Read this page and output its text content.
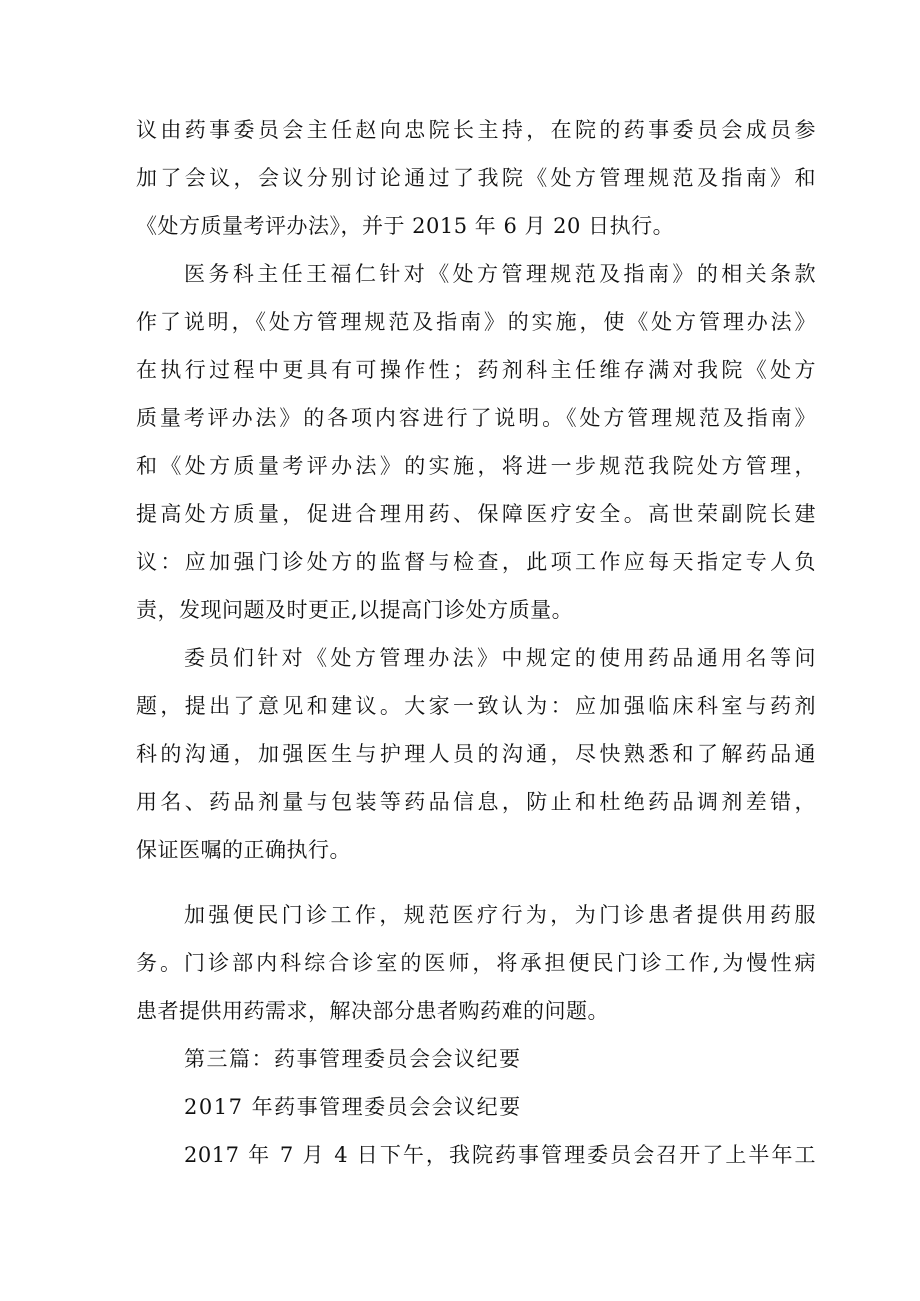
议由药事委员会主任赵向忠院长主持，在院的药事委员会成员参
加了会议，会议分别讨论通过了我院《处方管理规范及指南》和
《处方质量考评办法》，并于 2015 年 6 月 20 日执行。
医务科主任王福仁针对《处方管理规范及指南》的相关条款
作了说明，《处方管理规范及指南》的实施，使《处方管理办法》
在执行过程中更具有可操作性；药剂科主任维存满对我院《处方
质量考评办法》的各项内容进行了说明。《处方管理规范及指南》
和《处方质量考评办法》的实施，将进一步规范我院处方管理，
提高处方质量，促进合理用药、保障医疗安全。高世荣副院长建
议：应加强门诊处方的监督与检查，此项工作应每天指定专人负
责，发现问题及时更正,以提高门诊处方质量。
委员们针对《处方管理办法》中规定的使用药品通用名等问
题，提出了意见和建议。大家一致认为：应加强临床科室与药剂
科的沟通，加强医生与护理人员的沟通，尽快熟悉和了解药品通
用名、药品剂量与包装等药品信息，防止和杜绝药品调剂差错，
保证医嘱的正确执行。
加强便民门诊工作，规范医疗行为，为门诊患者提供用药服
务。门诊部内科综合诊室的医师，将承担便民门诊工作,为慢性病
患者提供用药需求，解决部分患者购药难的问题。
第三篇：药事管理委员会会议纪要
2017 年药事管理委员会会议纪要
2017 年 7 月 4 日下午，我院药事管理委员会召开了上半年工
